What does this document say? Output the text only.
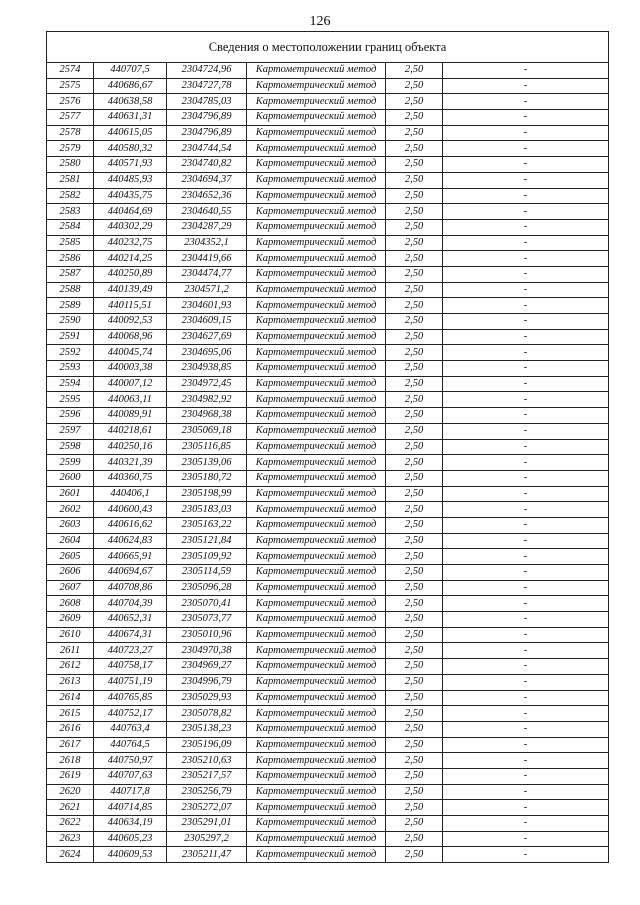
126
Сведения о местоположении границ объекта					
2574	440707,5	2304724,96	Картометрический метод	2,50	-
2575	440686,67	2304727,78	Картометрический метод	2,50	-
2576	440638,58	2304785,03	Картометрический метод	2,50	-
2577	440631,31	2304796,89	Картометрический метод	2,50	-
2578	440615,05	2304796,89	Картометрический метод	2,50	-
2579	440580,32	2304744,54	Картометрический метод	2,50	-
2580	440571,93	2304740,82	Картометрический метод	2,50	-
2581	440485,93	2304694,37	Картометрический метод	2,50	-
2582	440435,75	2304652,36	Картометрический метод	2,50	-
2583	440464,69	2304640,55	Картометрический метод	2,50	-
2584	440302,29	2304287,29	Картометрический метод	2,50	-
2585	440232,75	2304352,1	Картометрический метод	2,50	-
2586	440214,25	2304419,66	Картометрический метод	2,50	-
2587	440250,89	2304474,77	Картометрический метод	2,50	-
2588	440139,49	2304571,2	Картометрический метод	2,50	-
2589	440115,51	2304601,93	Картометрический метод	2,50	-
2590	440092,53	2304609,15	Картометрический метод	2,50	-
2591	440068,96	2304627,69	Картометрический метод	2,50	-
2592	440045,74	2304695,06	Картометрический метод	2,50	-
2593	440003,38	2304938,85	Картометрический метод	2,50	-
2594	440007,12	2304972,45	Картометрический метод	2,50	-
2595	440063,11	2304982,92	Картометрический метод	2,50	-
2596	440089,91	2304968,38	Картометрический метод	2,50	-
2597	440218,61	2305069,18	Картометрический метод	2,50	-
2598	440250,16	2305116,85	Картометрический метод	2,50	-
2599	440321,39	2305139,06	Картометрический метод	2,50	-
2600	440360,75	2305180,72	Картометрический метод	2,50	-
2601	440406,1	2305198,99	Картометрический метод	2,50	-
2602	440600,43	2305183,03	Картометрический метод	2,50	-
2603	440616,62	2305163,22	Картометрический метод	2,50	-
2604	440624,83	2305121,84	Картометрический метод	2,50	-
2605	440665,91	2305109,92	Картометрический метод	2,50	-
2606	440694,67	2305114,59	Картометрический метод	2,50	-
2607	440708,86	2305096,28	Картометрический метод	2,50	-
2608	440704,39	2305070,41	Картометрический метод	2,50	-
2609	440652,31	2305073,77	Картометрический метод	2,50	-
2610	440674,31	2305010,96	Картометрический метод	2,50	-
2611	440723,27	2304970,38	Картометрический метод	2,50	-
2612	440758,17	2304969,27	Картометрический метод	2,50	-
2613	440751,19	2304996,79	Картометрический метод	2,50	-
2614	440765,85	2305029,93	Картометрический метод	2,50	-
2615	440752,17	2305078,82	Картометрический метод	2,50	-
2616	440763,4	2305138,23	Картометрический метод	2,50	-
2617	440764,5	2305196,09	Картометрический метод	2,50	-
2618	440750,97	2305210,63	Картометрический метод	2,50	-
2619	440707,63	2305217,57	Картометрический метод	2,50	-
2620	440717,8	2305256,79	Картометрический метод	2,50	-
2621	440714,85	2305272,07	Картометрический метод	2,50	-
2622	440634,19	2305291,01	Картометрический метод	2,50	-
2623	440605,23	2305297,2	Картометрический метод	2,50	-
2624	440609,53	2305211,47	Картометрический метод	2,50	-
